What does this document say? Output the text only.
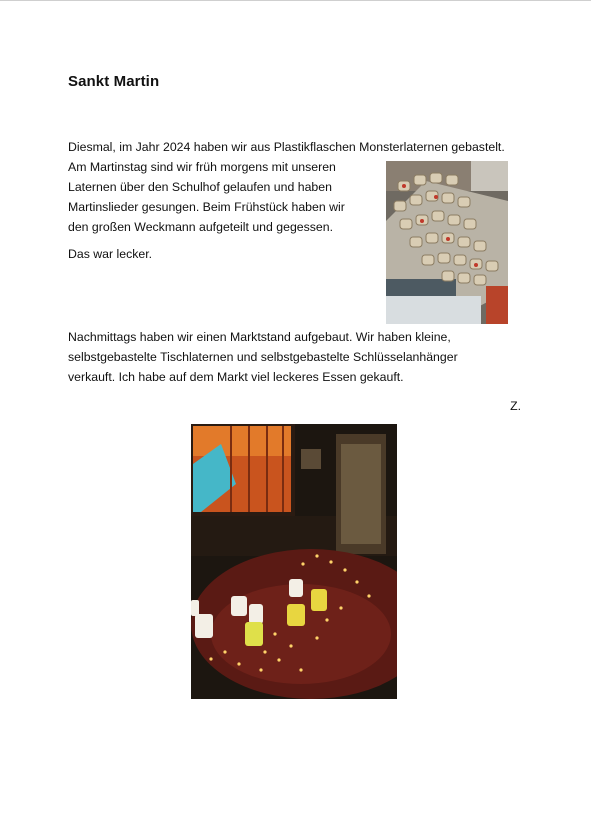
Sankt Martin
Diesmal, im Jahr 2024 haben wir aus Plastikflaschen Monsterlaternen gebastelt.
Am Martinstag sind wir früh morgens mit unseren
Laternen über den Schulhof gelaufen und haben
Martinslieder gesungen. Beim Frühstück haben wir
den großen Weckmann aufgeteilt und gegessen.
Das war lecker.
Nachmittags haben wir einen Marktstand aufgebaut. Wir haben kleine,
selbstgebastelte Tischlaternen und selbstgebastelte Schlüsselanhänger
verkauft. Ich habe auf dem Markt viel leckeres Essen gekauft.
Z.
